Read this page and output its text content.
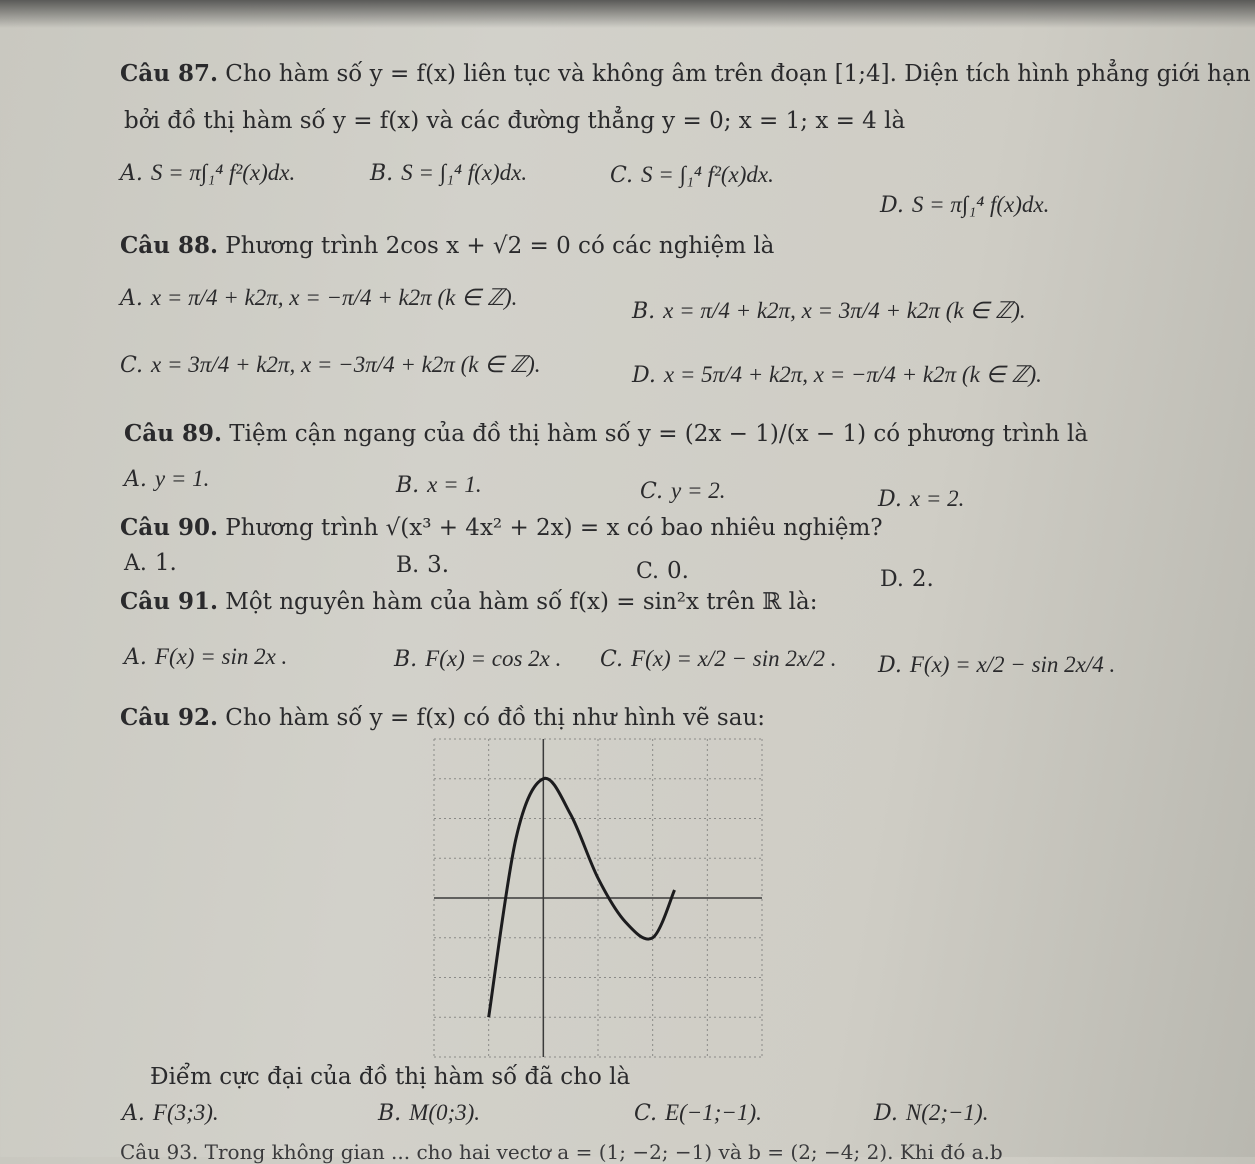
Câu 87. Cho hàm số y = f(x) liên tục và không âm trên đoạn [1;4]. Diện tích hình phẳng giới hạn
bởi đồ thị hàm số y = f(x) và các đường thẳng y = 0; x = 1; x = 4 là
A. S = π∫₁⁴ f²(x)dx.	B. S = ∫₁⁴ f(x)dx.	C. S = ∫₁⁴ f²(x)dx.
D. S = π∫₁⁴ f(x)dx.
Câu 88. Phương trình 2cos x + √2 = 0 có các nghiệm là
A. x = π/4 + k2π, x = −π/4 + k2π (k ∈ ℤ).
B. x = π/4 + k2π, x = 3π/4 + k2π (k ∈ ℤ).
C. x = 3π/4 + k2π, x = −3π/4 + k2π (k ∈ ℤ).	D. x = 5π/4 + k2π, x = −π/4 + k2π (k ∈ ℤ).
Câu 89. Tiệm cận ngang của đồ thị hàm số y = (2x − 1)/(x − 1) có phương trình là
A. y = 1.	B. x = 1.	C. y = 2.	D. x = 2.
Câu 90. Phương trình √(x³ + 4x² + 2x) = x có bao nhiêu nghiệm?
A. 1.	B. 3.	C. 0.	D. 2.
Câu 91. Một nguyên hàm của hàm số f(x) = sin²x trên ℝ là:
A. F(x) = sin 2x .	B. F(x) = cos 2x . C. F(x) = x/2 − sin 2x/2 . D. F(x) = x/2 − sin 2x/4 .
Câu 92. Cho hàm số y = f(x) có đồ thị như hình vẽ sau:
Điểm cực đại của đồ thị hàm số đã cho là
A. F(3;3).	B. M(0;3).	C. E(−1;−1).	D. N(2;−1).
Câu 93. Trong không gian ... cho hai vectơ a = (1; −2; −1) và b = (2; −4; 2). Khi đó a.b
